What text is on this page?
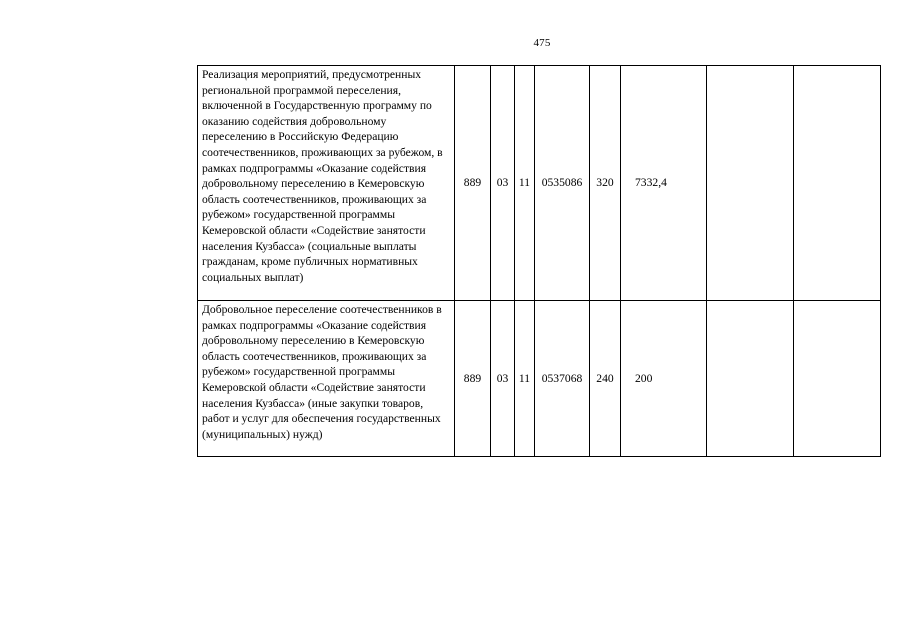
475
Реализация мероприятий, предусмотренных региональной программой переселения, включенной в Государственную программу по оказанию содействия добровольному переселению в Российскую Федерацию соотечественников, проживающих за рубежом, в рамках подпрограммы «Оказание содействия добровольному переселению в Кемеровскую область соотечественников, проживающих за рубежом» государственной программы Кемеровской области «Содействие занятости населения Кузбасса» (социальные выплаты гражданам, кроме публичных нормативных социальных выплат)	889	03	11	0535086	320	7332,4		
Добровольное переселение соотечественников в рамках подпрограммы «Оказание содействия добровольному переселению в Кемеровскую область соотечественников, проживающих за рубежом» государственной программы Кемеровской области «Содействие занятости населения Кузбасса» (иные закупки товаров, работ и услуг для обеспечения государственных (муниципальных) нужд)	889	03	11	0537068	240	200		
